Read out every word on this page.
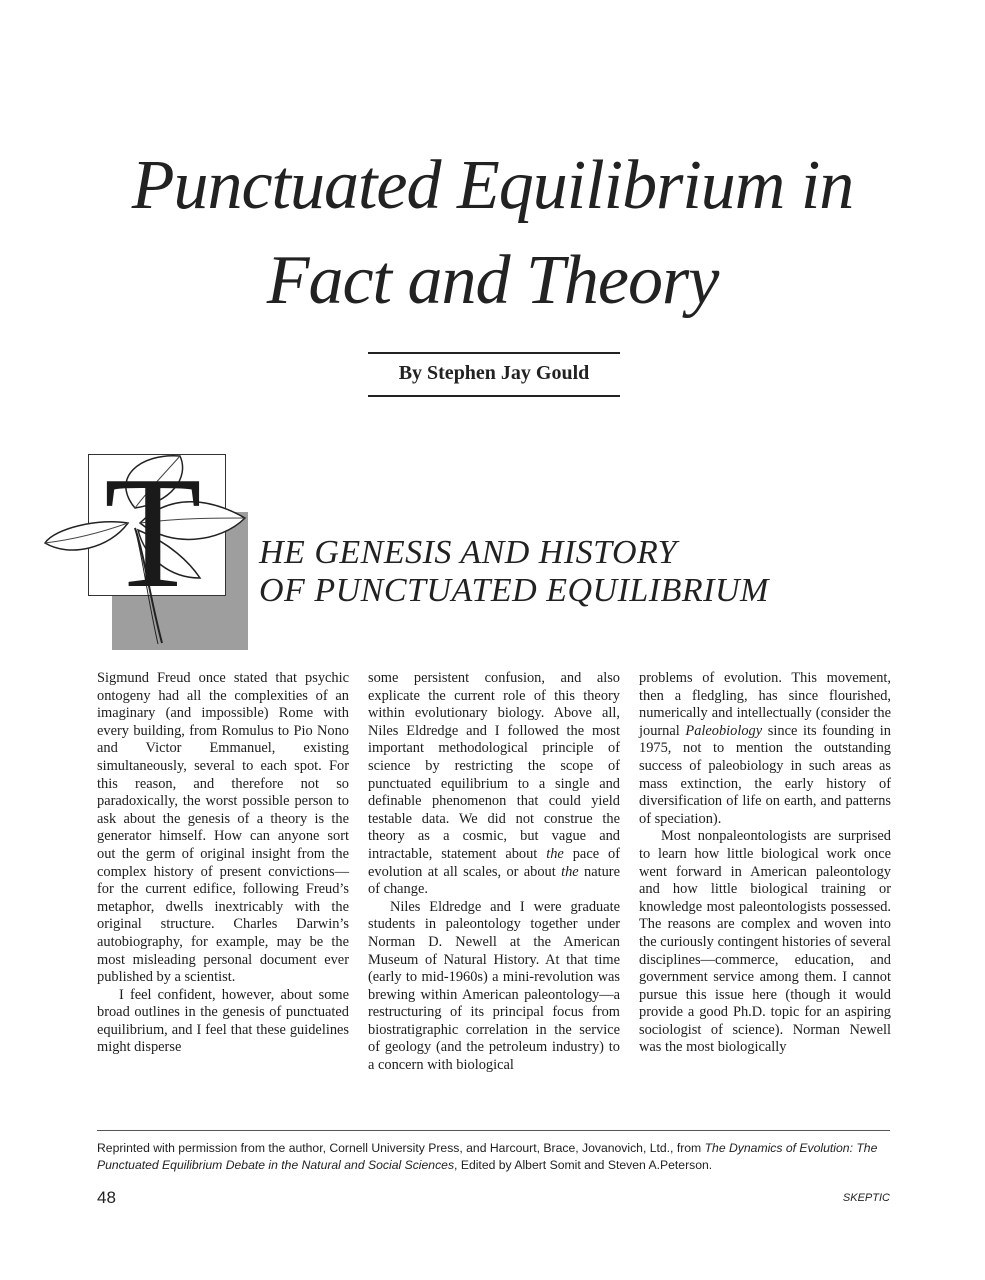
Punctuated Equilibrium in
Fact and Theory
By Stephen Jay Gould
T HE GENESIS AND HISTORY
OF PUNCTUATED EQUILIBRIUM

Sigmund Freud once stated that psychic ontogeny had all the complexities of an imaginary (and impossible) Rome with every building, from Romulus to Pio Nono and Victor Emmanuel, existing simultaneously, several to each spot. For this reason, and therefore not so paradoxically, the worst possible person to ask about the genesis of a theory is the generator himself. How can anyone sort out the germ of original insight from the complex history of present convictions—for the current edifice, following Freud’s metaphor, dwells inextricably with the original structure. Charles Darwin’s autobiography, for example, may be the most misleading personal document ever published by a scientist.

I feel confident, however, about some broad outlines in the genesis of punctuated equilibrium, and I feel that these guidelines might disperse

some persistent confusion, and also explicate the current role of this theory within evolutionary biology. Above all, Niles Eldredge and I followed the most important methodological principle of science by restricting the scope of punctuated equilibrium to a single and definable phenomenon that could yield testable data. We did not construe the theory as a cosmic, but vague and intractable, statement about the pace of evolution at all scales, or about the nature of change.

Niles Eldredge and I were graduate students in paleontology together under Norman D. Newell at the American Museum of Natural History. At that time (early to mid-1960s) a mini-revolution was brewing within American paleontology—a restructuring of its principal focus from biostratigraphic correlation in the service of geology (and the petroleum industry) to a concern with biological

problems of evolution. This movement, then a fledgling, has since flourished, numerically and intellectually (consider the journal Paleobiology since its founding in 1975, not to mention the outstanding success of paleobiology in such areas as mass extinction, the early history of diversification of life on earth, and patterns of speciation).

Most nonpaleontologists are surprised to learn how little biological work once went forward in American paleontology and how little biological training or knowledge most paleontologists possessed. The reasons are complex and woven into the curiously contingent histories of several disciplines—commerce, education, and government service among them. I cannot pursue this issue here (though it would provide a good Ph.D. topic for an aspiring sociologist of science). Norman Newell was the most biologically

Reprinted with permission from the author, Cornell University Press, and Harcourt, Brace, Jovanovich, Ltd., from The Dynamics of Evolution: The Punctuated Equilibrium Debate in the Natural and Social Sciences, Edited by Albert Somit and Steven A.Peterson.
48	SKEPTIC
